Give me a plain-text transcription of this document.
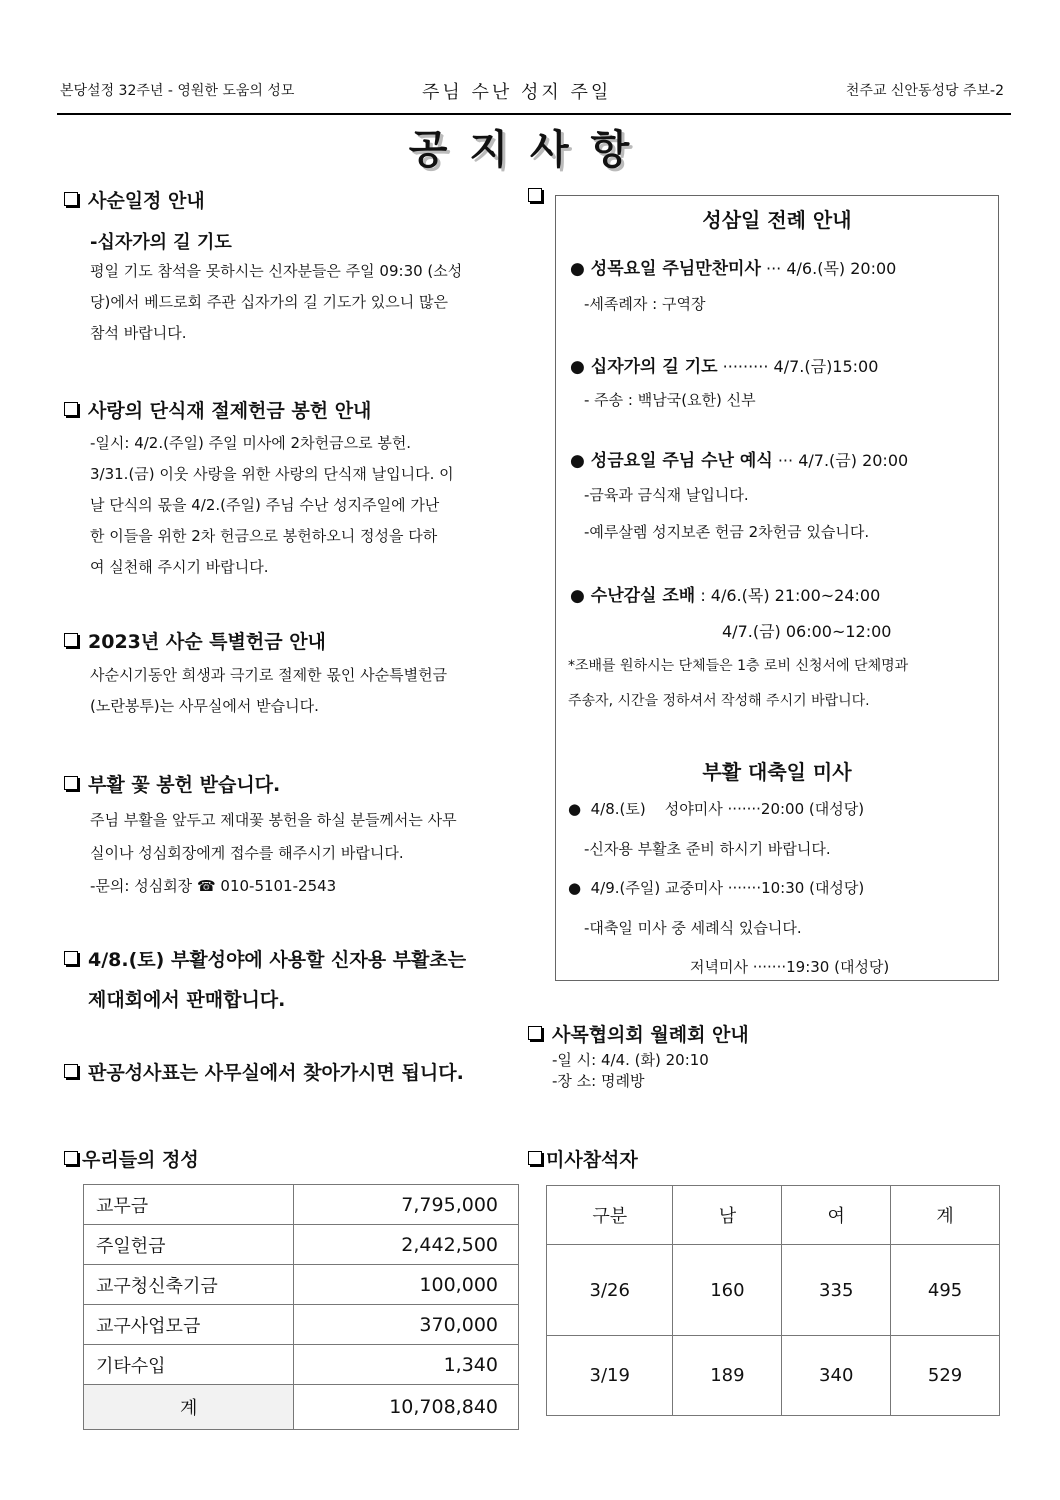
본당설정 32주년 - 영원한 도움의 성모	주님 수난 성지 주일	천주교 신안동성당 주보-2
공지사항
사순일정 안내
-십자가의 길 기도
평일 기도 참석을 못하시는 신자분들은 주일 09:30 (소성
당)에서 베드로회 주관 십자가의 길 기도가 있으니 많은
참석 바랍니다.
사랑의 단식재 절제헌금 봉헌 안내
-일시: 4/2.(주일) 주일 미사에 2차헌금으로 봉헌.
3/31.(금) 이웃 사랑을 위한 사랑의 단식재 날입니다. 이
날 단식의 몫을 4/2.(주일) 주님 수난 성지주일에 가난
한 이들을 위한 2차 헌금으로 봉헌하오니 정성을 다하
여 실천해 주시기 바랍니다.
2023년 사순 특별헌금 안내
사순시기동안 희생과 극기로 절제한 몫인 사순특별헌금
(노란봉투)는 사무실에서 받습니다.
부활 꽃 봉헌 받습니다.
주님 부활을 앞두고 제대꽃 봉헌을 하실 분들께서는 사무
실이나 성심회장에게 접수를 해주시기 바랍니다.
-문의: 성심회장 ☎ 010-5101-2543
4/8.(토) 부활성야에 사용할 신자용 부활초는
제대회에서 판매합니다.
판공성사표는 사무실에서 찾아가시면 됩니다.
성삼일 전례 안내
● 성목요일 주님만찬미사 ··· 4/6.(목) 20:00
-세족례자 : 구역장
● 십자가의 길 기도 ········· 4/7.(금)15:00
- 주송 : 백남국(요한) 신부
● 성금요일 주님 수난 예식 ··· 4/7.(금) 20:00
-금육과 금식재 날입니다.
-예루살렘 성지보존 헌금 2차헌금 있습니다.
● 수난감실 조배 : 4/6.(목) 21:00~24:00
4/7.(금) 06:00~12:00
*조배를 원하시는 단체들은 1층 로비 신청서에 단체명과
주송자, 시간을 정하셔서 작성해 주시기 바랍니다.
부활 대축일 미사
●  4/8.(토)    성야미사 ·······20:00 (대성당)
-신자용 부활초 준비 하시기 바랍니다.
●  4/9.(주일) 교중미사 ·······10:30 (대성당)
-대축일 미사 중 세례식 있습니다.
저녁미사 ·······19:30 (대성당)
사목협의회 월례회 안내
-일 시: 4/4. (화) 20:10
-장 소: 명례방
우리들의 정성
교무금	7,795,000
주일헌금	2,442,500
교구청신축기금	100,000
교구사업모금	370,000
기타수입	1,340
계	10,708,840
미사참석자
구분	남	여	계
3/26	160	335	495
3/19	189	340	529
